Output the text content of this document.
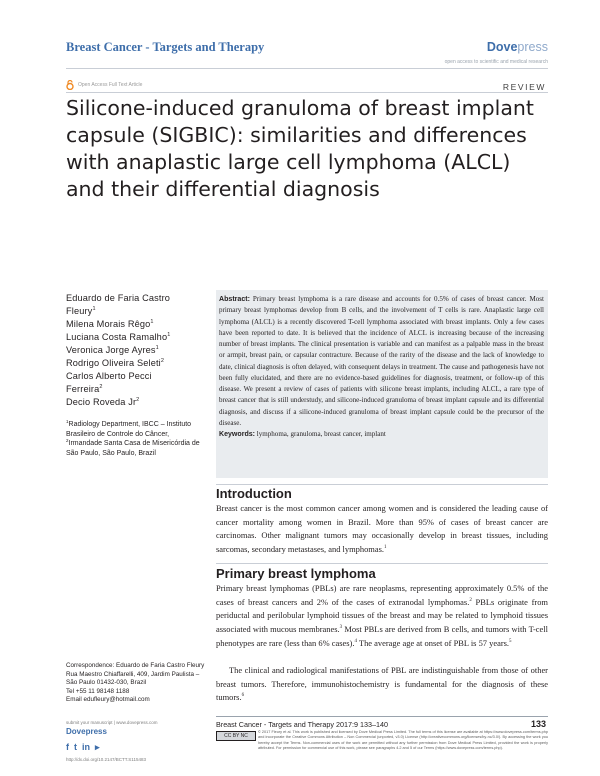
Breast Cancer - Targets and Therapy	Dovepress
open access to scientific and medical research
Open Access Full Text Article	REVIEW
Silicone-induced granuloma of breast implant
capsule (SIGBIC): similarities and differences
with anaplastic large cell lymphoma (ALCL)
and their differential diagnosis
Eduardo de Faria Castro
Fleury$^1$
Milena Morais Rêgo$^1$
Luciana Costa Ramalho$^1$
Veronica Jorge Ayres$^1$
Rodrigo Oliveira Seleti$^2$
Carlos Alberto Pecci
Ferreira$^2$
Decio Roveda Jr$^2$
$^1$Radiology Department, IBCC – Instituto Brasileiro de Controle do Câncer, $^2$Irmandade Santa Casa de Misericórdia de São Paulo, São Paulo, Brazil

Abstract: Primary breast lymphoma is a rare disease and accounts for 0.5% of cases of breast cancer. Most primary breast lymphomas develop from B cells, and the involvement of T cells is rare. Anaplastic large cell lymphoma (ALCL) is a recently discovered T-cell lymphoma associated with breast implants. Only a few cases have been reported to date. It is believed that the incidence of ALCL is increasing because of the increasing number of breast implants. The clinical presentation is variable and can manifest as a palpable mass in the breast or armpit, breast pain, or capsular contracture. Because of the rarity of the disease and the lack of knowledge to date, clinical diagnosis is often delayed, with consequent delays in treatment. The cause and pathogenesis have not been fully elucidated, and there are no evidence-based guidelines for diagnosis, treatment, or follow-up of this disease. We present a review of cases of patients with silicone breast implants, including ALCL, a rare type of breast cancer that is still understudy, and silicone-induced granuloma of breast implant capsule and its differential diagnosis, and discuss if a silicone-induced granuloma of breast implant capsule could be the precursor of the disease.
Keywords: lymphoma, granuloma, breast cancer, implant

Introduction

Breast cancer is the most common cancer among women and is considered the leading cause of cancer mortality among women in Brazil. More than 95% of cases of breast cancer are carcinomas. Other malignant tumors may occasionally develop in breast tissues, including sarcomas, secondary metastases, and lymphomas.$^1$

Primary breast lymphoma

Primary breast lymphomas (PBLs) are rare neoplasms, representing approximately 0.5% of the cases of breast cancers and 2% of the cases of extranodal lymphomas.$^2$ PBLs originate from periductal and perilobular lymphoid tissues of the breast and may be related to lymphoid tissues associated with mucous membranes.$^3$ Most PBLs are derived from B cells, and tumors with T-cell phenotypes are rare (less than 6% cases).$^4$ The average age at onset of PBL is 57 years.$^5$

The clinical and radiological manifestations of PBL are indistinguishable from those of other breast tumors. Therefore, immunohistochemistry is fundamental for the diagnosis of these tumors.$^6$

Correspondence: Eduardo de Faria Castro Fleury
Rua Maestro Chiaffarelli, 409, Jardim Paulista – São Paulo 01432-030, Brazil
Tel +55 11 98148 1188
Email edufleury@hotmail.com
submit your manuscript | www.dovepress.com
Dovepress
f t in ▸
http://dx.doi.org/10.2147/BCTT.S115483
Breast Cancer - Targets and Therapy 2017:9 133–140	133
CC BY NC
© 2017 Fleury et al. This work is published and licensed by Dove Medical Press Limited. The full terms of this license are available at https://www.dovepress.com/terms.php and incorporate the Creative Commons Attribution – Non Commercial (unported, v3.0) License (http://creativecommons.org/licenses/by-nc/3.0/). By accessing the work you hereby accept the Terms. Non-commercial uses of the work are permitted without any further permission from Dove Medical Press Limited, provided the work is properly attributed. For permission for commercial use of this work, please see paragraphs 4.2 and 5 of our Terms (https://www.dovepress.com/terms.php).
